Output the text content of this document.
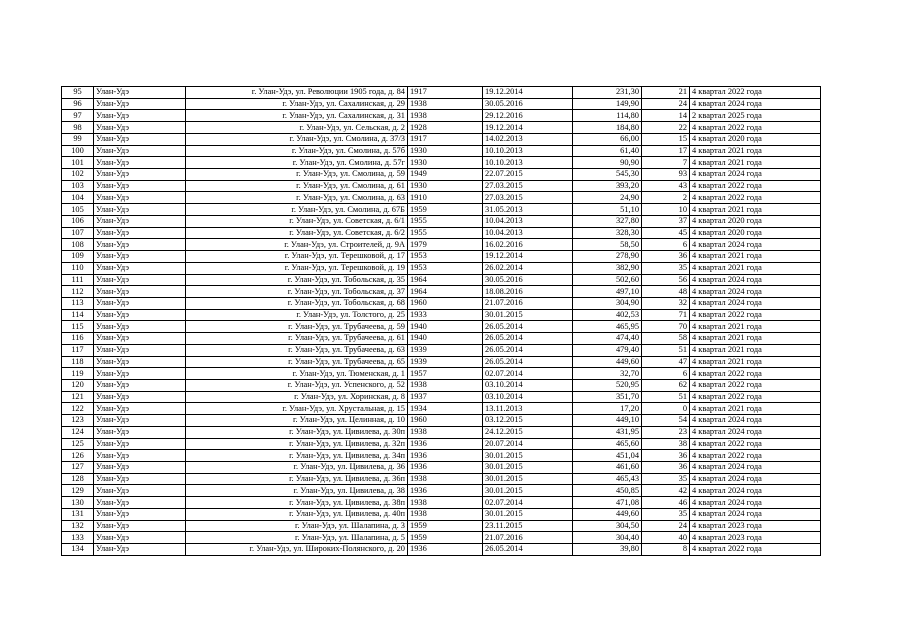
95	Улан-Удэ	г. Улан-Удэ, ул. Революции 1905 года, д. 84	1917	19.12.2014	231,30	21	4 квартал 2022 года
96	Улан-Удэ	г. Улан-Удэ, ул. Сахалинская, д. 29	1938	30.05.2016	149,90	24	4 квартал 2024 года
97	Улан-Удэ	г. Улан-Удэ, ул. Сахалинская, д. 31	1938	29.12.2016	114,80	14	2 квартал 2025 года
98	Улан-Удэ	г. Улан-Удэ, ул. Сельская, д. 2	1928	19.12.2014	184,80	22	4 квартал 2022 года
99	Улан-Удэ	г. Улан-Удэ, ул. Смолина, д. 37/3	1917	14.02.2013	66,00	15	4 квартал 2020 года
100	Улан-Удэ	г. Улан-Удэ, ул. Смолина, д. 57б	1930	10.10.2013	61,40	17	4 квартал 2021 года
101	Улан-Удэ	г. Улан-Удэ, ул. Смолина, д. 57г	1930	10.10.2013	90,90	7	4 квартал 2021 года
102	Улан-Удэ	г. Улан-Удэ, ул. Смолина, д. 59	1949	22.07.2015	545,30	93	4 квартал 2024 года
103	Улан-Удэ	г. Улан-Удэ, ул. Смолина, д. 61	1930	27.03.2015	393,20	43	4 квартал 2022 года
104	Улан-Удэ	г. Улан-Удэ, ул. Смолина, д. 63	1910	27.03.2015	24,90	2	4 квартал 2022 года
105	Улан-Удэ	г. Улан-Удэ, ул. Смолина, д. 67Б	1959	31.05.2013	51,10	10	4 квартал 2021 года
106	Улан-Удэ	г. Улан-Удэ, ул. Советская, д. 6/1	1955	10.04.2013	327,80	37	4 квартал 2020 года
107	Улан-Удэ	г. Улан-Удэ, ул. Советская, д. 6/2	1955	10.04.2013	328,30	45	4 квартал 2020 года
108	Улан-Удэ	г. Улан-Удэ, ул. Строителей, д. 9А	1979	16.02.2016	58,50	6	4 квартал 2024 года
109	Улан-Удэ	г. Улан-Удэ, ул. Терешковой, д. 17	1953	19.12.2014	278,90	36	4 квартал 2021 года
110	Улан-Удэ	г. Улан-Удэ, ул. Терешковой, д. 19	1953	26.02.2014	382,90	35	4 квартал 2021 года
111	Улан-Удэ	г. Улан-Удэ, ул. Тобольская, д. 35	1964	30.05.2016	502,60	56	4 квартал 2024 года
112	Улан-Удэ	г. Улан-Удэ, ул. Тобольская, д. 37	1964	18.08.2016	497,10	48	4 квартал 2024 года
113	Улан-Удэ	г. Улан-Удэ, ул. Тобольская, д. 68	1960	21.07.2016	304,90	32	4 квартал 2024 года
114	Улан-Удэ	г. Улан-Удэ, ул. Толстого, д. 25	1933	30.01.2015	402,53	71	4 квартал 2022 года
115	Улан-Удэ	г. Улан-Удэ, ул. Трубачеева, д. 59	1940	26.05.2014	465,95	70	4 квартал 2021 года
116	Улан-Удэ	г. Улан-Удэ, ул. Трубачеева, д. 61	1940	26.05.2014	474,40	58	4 квартал 2021 года
117	Улан-Удэ	г. Улан-Удэ, ул. Трубачеева, д. 63	1939	26.05.2014	479,40	51	4 квартал 2021 года
118	Улан-Удэ	г. Улан-Удэ, ул. Трубачеева, д. 65	1939	26.05.2014	449,60	47	4 квартал 2021 года
119	Улан-Удэ	г. Улан-Удэ, ул. Тюменская, д. 1	1957	02.07.2014	32,70	6	4 квартал 2022 года
120	Улан-Удэ	г. Улан-Удэ, ул. Успенского, д. 52	1938	03.10.2014	520,95	62	4 квартал 2022 года
121	Улан-Удэ	г. Улан-Удэ, ул. Хоринская, д. 8	1937	03.10.2014	351,70	51	4 квартал 2022 года
122	Улан-Удэ	г. Улан-Удэ, ул. Хрустальная, д. 15	1934	13.11.2013	17,20	0	4 квартал 2021 года
123	Улан-Удэ	г. Улан-Удэ, ул. Целинная, д. 10	1960	03.12.2015	449,10	54	4 квартал 2024 года
124	Улан-Удэ	г. Улан-Удэ, ул. Цивилева, д. 30п	1938	24.12.2015	431,95	23	4 квартал 2024 года
125	Улан-Удэ	г. Улан-Удэ, ул. Цивилева, д. 32п	1936	20.07.2014	465,60	38	4 квартал 2022 года
126	Улан-Удэ	г. Улан-Удэ, ул. Цивилева, д. 34п	1936	30.01.2015	451,04	36	4 квартал 2022 года
127	Улан-Удэ	г. Улан-Удэ, ул. Цивилева, д. 36	1936	30.01.2015	461,60	36	4 квартал 2024 года
128	Улан-Удэ	г. Улан-Удэ, ул. Цивилева, д. 36п	1938	30.01.2015	465,43	35	4 квартал 2024 года
129	Улан-Удэ	г. Улан-Удэ, ул. Цивилева, д. 38	1936	30.01.2015	450,85	42	4 квартал 2024 года
130	Улан-Удэ	г. Улан-Удэ, ул. Цивилева, д. 38п	1938	02.07.2014	471,08	46	4 квартал 2024 года
131	Улан-Удэ	г. Улан-Удэ, ул. Цивилева, д. 40п	1938	30.01.2015	449,60	35	4 квартал 2024 года
132	Улан-Удэ	г. Улан-Удэ, ул. Шалапина, д. 3	1959	23.11.2015	304,50	24	4 квартал 2023 года
133	Улан-Удэ	г. Улан-Удэ, ул. Шалапина, д. 5	1959	21.07.2016	304,40	40	4 квартал 2023 года
134	Улан-Удэ	г. Улан-Удэ, ул. Широких-Полянского, д. 20	1936	26.05.2014	39,80	8	4 квартал 2022 года
